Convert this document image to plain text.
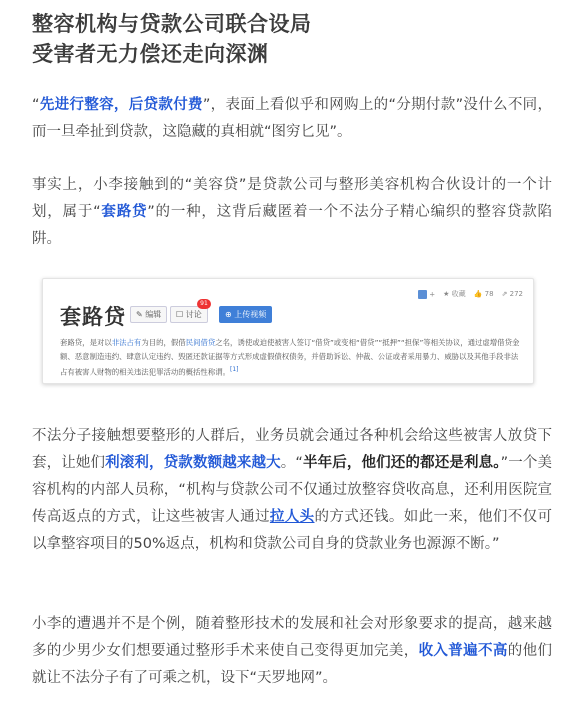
整容机构与贷款公司联合设局
受害者无力偿还走向深渊
“先进行整容，后贷款付费”，表面上看似乎和网购上的“分期付款”没什么不同，而一旦牵扯到贷款，这隐藏的真相就“图穷匕见”。
事实上，小李接触到的“美容贷”是贷款公司与整形美容机构合伙设计的一个计划，属于“套路贷”的一种，这背后藏匿着一个不法分子精心编织的整容贷款陷阱。
套路贷	✎ 编辑	☐ 讨论
91
⊕ 上传视频
+ ★ 收藏 👍 78 ⇗ 272
套路贷，是对以非法占有为目的，假借民间借贷之名，诱使或迫使被害人签订“借贷”或变相“借贷”“抵押”“担保”等相关协议，通过虚增借贷金额、恶意制造违约、肆意认定违约、毁匿还款证据等方式形成虚假债权债务，并借助诉讼、仲裁、公证或者采用暴力、威胁以及其他手段非法占有被害人财物的相关违法犯罪活动的概括性称谓。[1]
不法分子接触想要整形的人群后，业务员就会通过各种机会给这些被害人放贷下套，让她们利滚利，贷款数额越来越大。“半年后，他们还的都还是利息。”一个美容机构的内部人员称，“机构与贷款公司不仅通过放整容贷收高息，还利用医院宣传高返点的方式，让这些被害人通过拉人头的方式还钱。如此一来，他们不仅可以拿整容项目的50%返点，机构和贷款公司自身的贷款业务也源源不断。”
小李的遭遇并不是个例，随着整形技术的发展和社会对形象要求的提高，越来越多的少男少女们想要通过整形手术来使自己变得更加完美，收入普遍不高的他们就让不法分子有了可乘之机，设下“天罗地网”。
